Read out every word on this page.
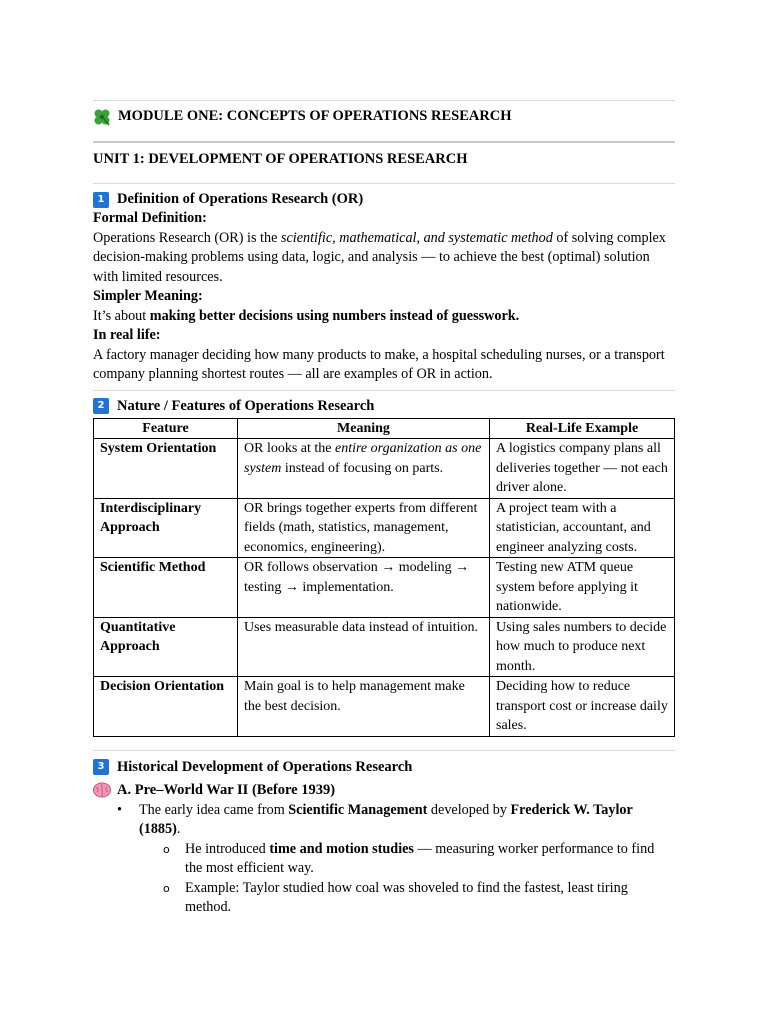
MODULE ONE: CONCEPTS OF OPERATIONS RESEARCH
UNIT 1: DEVELOPMENT OF OPERATIONS RESEARCH
1 Definition of Operations Research (OR)

Formal Definition:

Operations Research (OR) is the scientific, mathematical, and systematic method of solving complex decision-making problems using data, logic, and analysis — to achieve the best (optimal) solution with limited resources.

Simpler Meaning:

It’s about making better decisions using numbers instead of guesswork.

In real life:

A factory manager deciding how many products to make, a hospital scheduling nurses, or a transport company planning shortest routes — all are examples of OR in action.

2 Nature / Features of Operations Research
Feature	Meaning	Real-Life Example
System Orientation	OR looks at the entire organization as one system instead of focusing on parts.	A logistics company plans all deliveries together — not each driver alone.
Interdisciplinary Approach	OR brings together experts from different fields (math, statistics, management, economics, engineering).	A project team with a statistician, accountant, and engineer analyzing costs.
Scientific Method	OR follows observation → modeling → testing → implementation.	Testing new ATM queue system before applying it nationwide.
Quantitative Approach	Uses measurable data instead of intuition.	Using sales numbers to decide how much to produce next month.
Decision Orientation	Main goal is to help management make the best decision.	Deciding how to reduce transport cost or increase daily sales.
3 Historical Development of Operations Research
A. Pre–World War II (Before 1939)
• The early idea came from Scientific Management developed by Frederick W. Taylor (1885).
o He introduced time and motion studies — measuring worker performance to find the most efficient way.
o Example: Taylor studied how coal was shoveled to find the fastest, least tiring method.
